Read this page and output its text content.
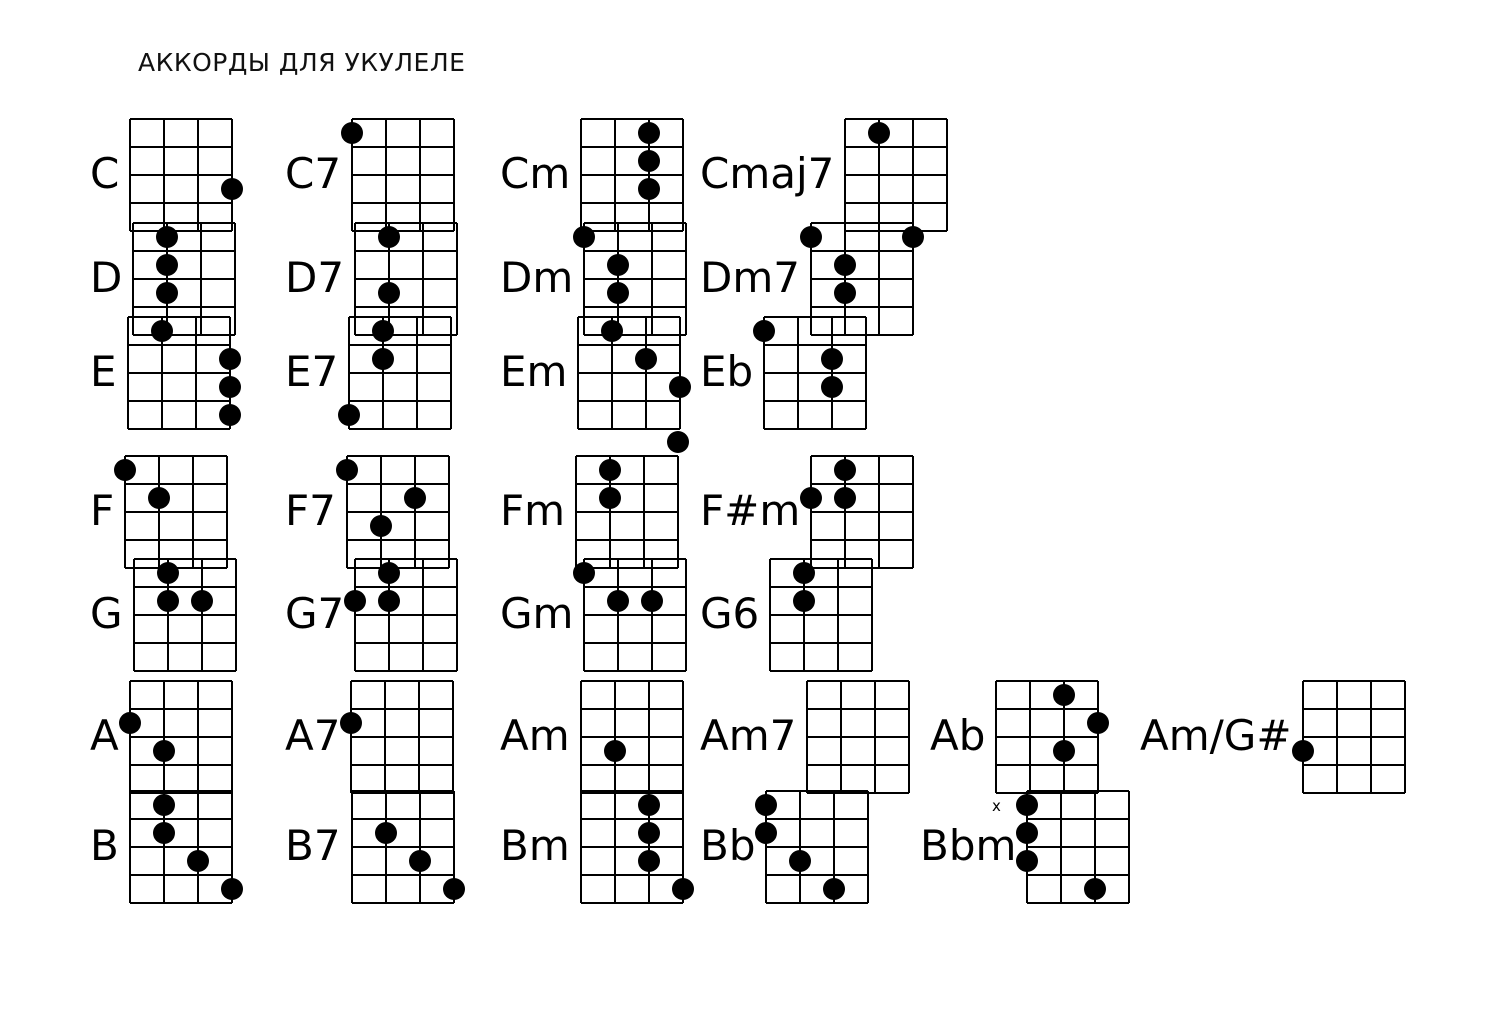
АККОРДЫ ДЛЯ УКУЛЕЛЕ
C	C7	Cm	Cmaj7
D	D7	Dm	Dm7
E	E7	Em	Eb
F	F7	Fm	F#m
G	G7	Gm	G6
A	A7	Am	Am7	Ab
x
Am/G#
B	B7	Bm	Bb	Bbm
